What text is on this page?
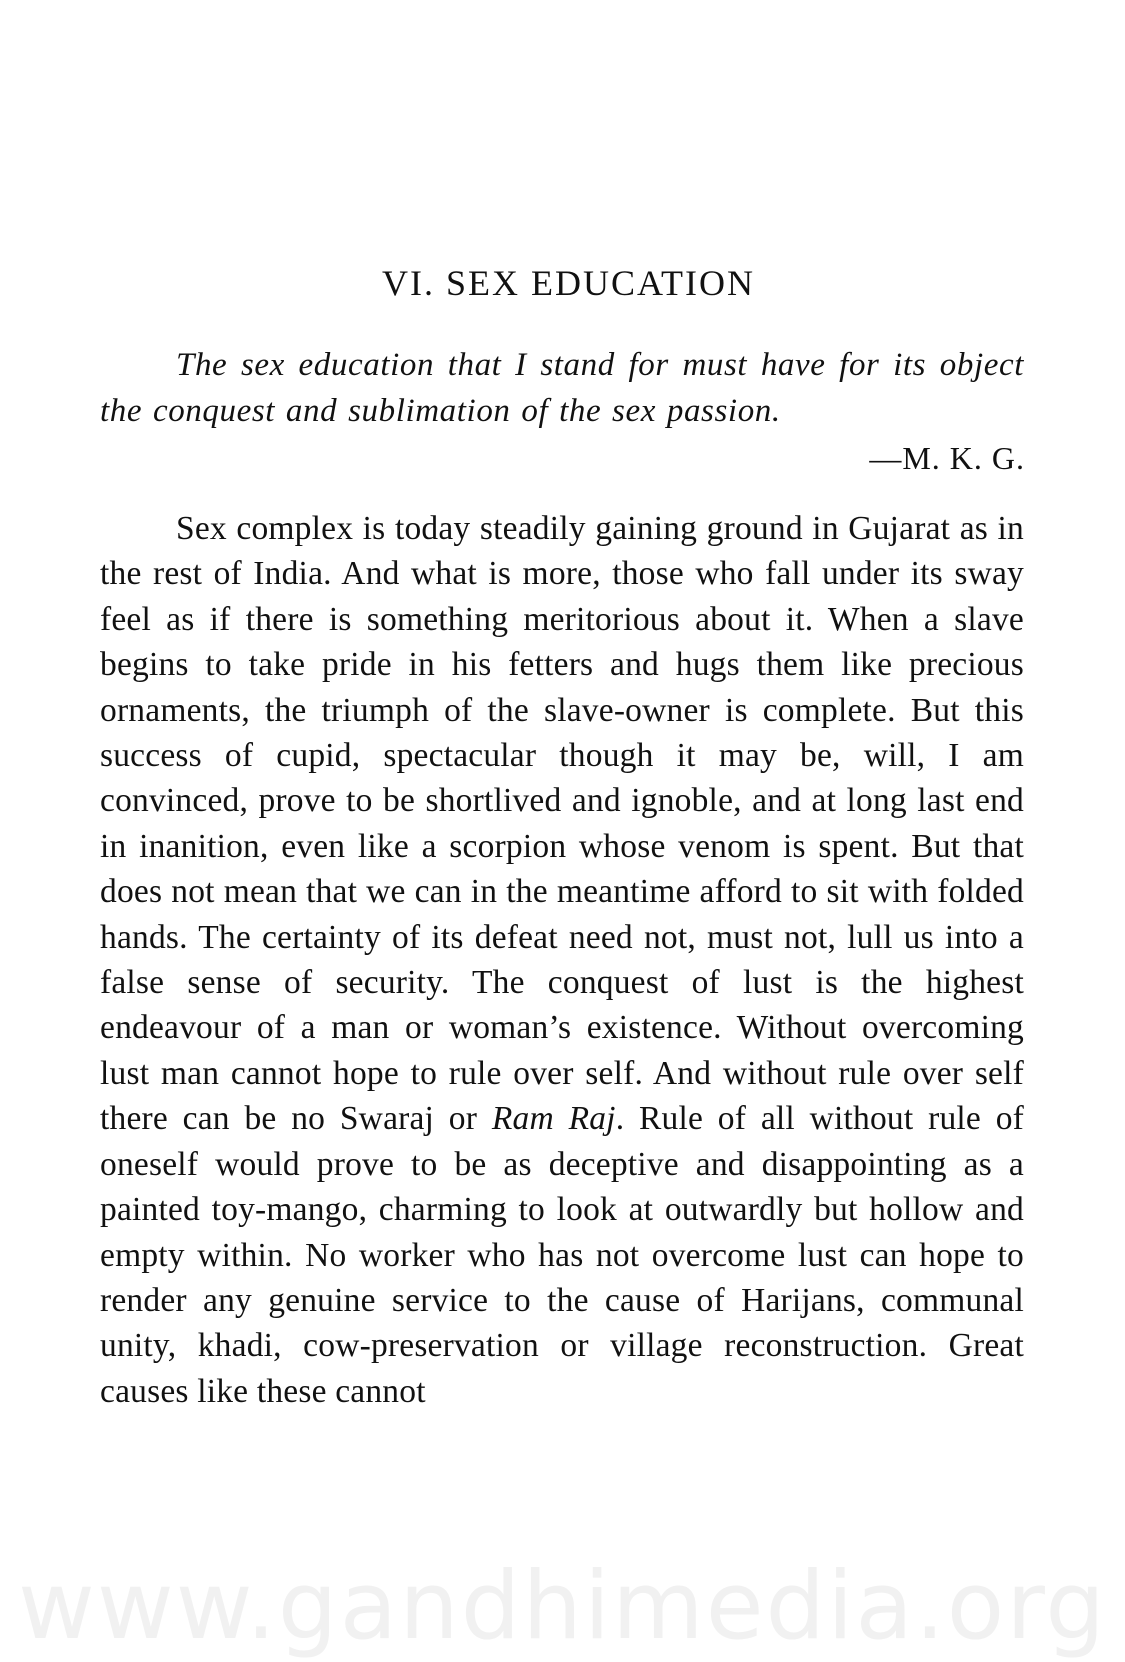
VI. SEX EDUCATION

The sex education that I stand for must have for its object the conquest and sublimation of the sex passion.

—M. K. G.

Sex complex is today steadily gaining ground in Gujarat as in the rest of India. And what is more, those who fall under its sway feel as if there is something meritorious about it. When a slave begins to take pride in his fetters and hugs them like precious ornaments, the triumph of the slave-owner is complete. But this success of cupid, spectacular though it may be, will, I am convinced, prove to be shortlived and ignoble, and at long last end in inanition, even like a scorpion whose venom is spent. But that does not mean that we can in the meantime afford to sit with folded hands. The certainty of its defeat need not, must not, lull us into a false sense of security. The conquest of lust is the highest endeavour of a man or woman’s existence. Without overcoming lust man cannot hope to rule over self. And without rule over self there can be no Swaraj or Ram Raj. Rule of all without rule of oneself would prove to be as deceptive and disappointing as a painted toy-mango, charming to look at outwardly but hollow and empty within. No worker who has not overcome lust can hope to render any genuine service to the cause of Harijans, communal unity, khadi, cow-preservation or village reconstruction. Great causes like these cannot

www.gandhimedia.org
